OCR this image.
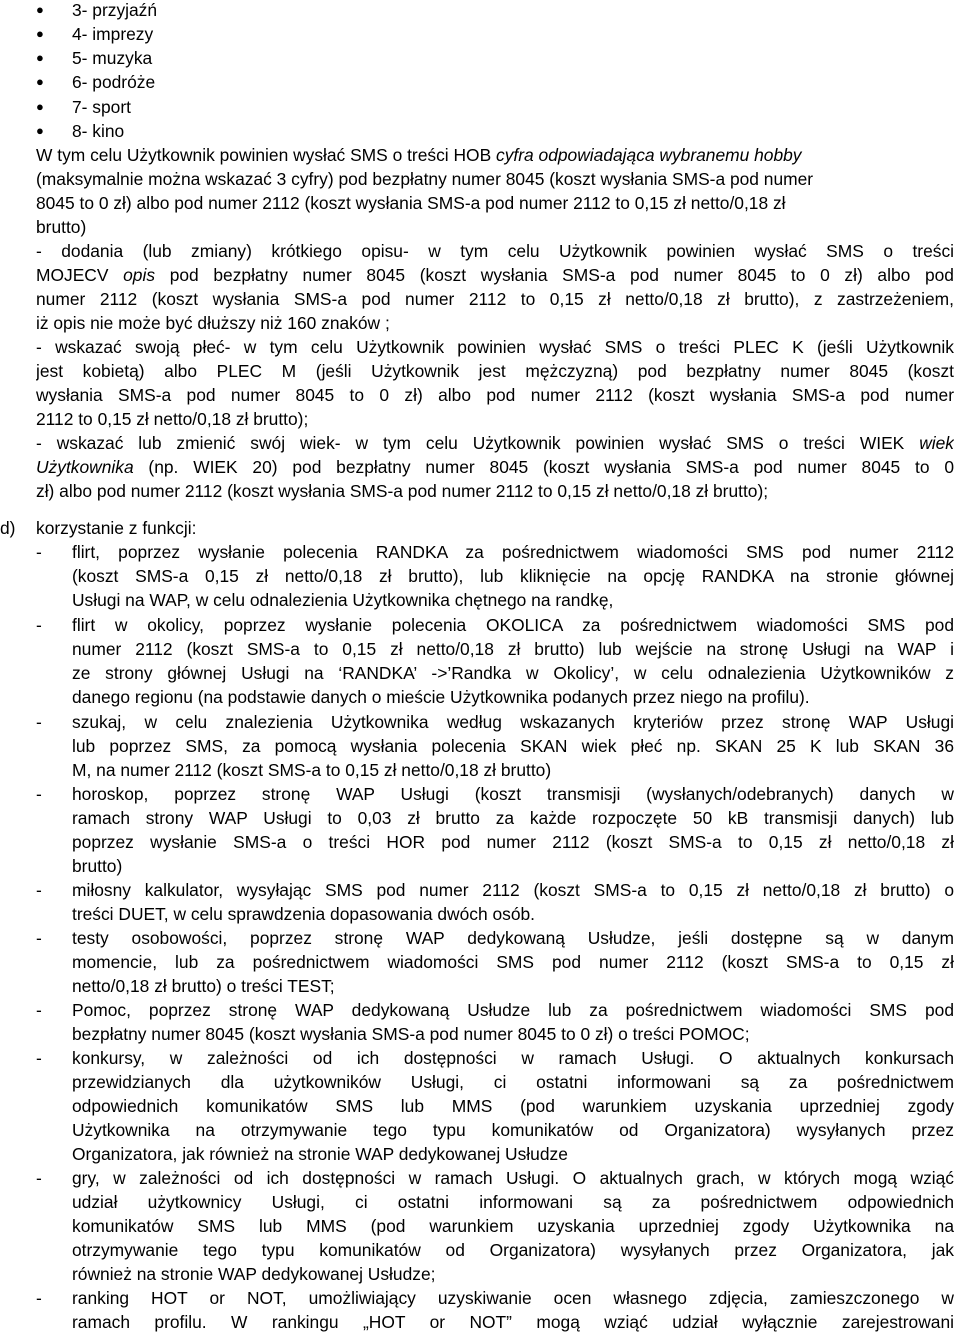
● 3- przyjaźń
● 4- imprezy
● 5- muzyka
● 6- podróże
● 7- sport
● 8- kino
W tym celu Użytkownik powinien wysłać SMS o treści HOB cyfra odpowiadająca wybranemu hobby
(maksymalnie można wskazać 3 cyfry) pod bezpłatny numer 8045 (koszt wysłania SMS-a pod numer
8045 to 0 zł) albo pod numer 2112 (koszt wysłania SMS-a pod numer 2112 to 0,15 zł netto/0,18 zł
brutto)
- dodania (lub zmiany) krótkiego opisu- w tym celu Użytkownik powinien wysłać SMS o treści
MOJECV opis pod bezpłatny numer 8045 (koszt wysłania SMS-a pod numer 8045 to 0 zł) albo pod
numer 2112 (koszt wysłania SMS-a pod numer 2112 to 0,15 zł netto/0,18 zł brutto), z zastrzeżeniem,
iż opis nie może być dłuższy niż 160 znaków ;
- wskazać swoją płeć- w tym celu Użytkownik powinien wysłać SMS o treści PLEC K (jeśli Użytkownik
jest kobietą) albo PLEC M (jeśli Użytkownik jest mężczyzną) pod bezpłatny numer 8045 (koszt
wysłania SMS-a pod numer 8045 to 0 zł) albo pod numer 2112 (koszt wysłania SMS-a pod numer
2112 to 0,15 zł netto/0,18 zł brutto);
- wskazać lub zmienić swój wiek- w tym celu Użytkownik powinien wysłać SMS o treści WIEK wiek
Użytkownika (np. WIEK 20) pod bezpłatny numer 8045 (koszt wysłania SMS-a pod numer 8045 to 0
zł) albo pod numer 2112 (koszt wysłania SMS-a pod numer 2112 to 0,15 zł netto/0,18 zł brutto);
d) korzystanie z funkcji:
- flirt, poprzez wysłanie polecenia RANDKA za pośrednictwem wiadomości SMS pod numer 2112
(koszt SMS-a 0,15 zł netto/0,18 zł brutto), lub kliknięcie na opcję RANDKA na stronie głównej
Usługi na WAP, w celu odnalezienia Użytkownika chętnego na randkę,
- flirt w okolicy, poprzez wysłanie polecenia OKOLICA za pośrednictwem wiadomości SMS pod
numer 2112 (koszt SMS-a to 0,15 zł netto/0,18 zł brutto) lub wejście na stronę Usługi na WAP i
ze strony głównej Usługi na ‘RANDKA’ ->’Randka w Okolicy’, w celu odnalezienia Użytkowników z
danego regionu (na podstawie danych o mieście Użytkownika podanych przez niego na profilu).
- szukaj, w celu znalezienia Użytkownika według wskazanych kryteriów przez stronę WAP Usługi
lub poprzez SMS, za pomocą wysłania polecenia SKAN wiek płeć np. SKAN 25 K lub SKAN 36
M, na numer 2112 (koszt SMS-a to 0,15 zł netto/0,18 zł brutto)
- horoskop, poprzez stronę WAP Usługi (koszt transmisji (wysłanych/odebranych) danych w
ramach strony WAP Usługi to 0,03 zł brutto za każde rozpoczęte 50 kB transmisji danych) lub
poprzez wysłanie SMS-a o treści HOR pod numer 2112 (koszt SMS-a to 0,15 zł netto/0,18 zł
brutto)
- miłosny kalkulator, wysyłając SMS pod numer 2112 (koszt SMS-a to 0,15 zł netto/0,18 zł brutto) o
treści DUET, w celu sprawdzenia dopasowania dwóch osób.
- testy osobowości, poprzez stronę WAP dedykowaną Usłudze, jeśli dostępne są w danym
momencie, lub za pośrednictwem wiadomości SMS pod numer 2112 (koszt SMS-a to 0,15 zł
netto/0,18 zł brutto) o treści TEST;
- Pomoc, poprzez stronę WAP dedykowaną Usłudze lub za pośrednictwem wiadomości SMS pod
bezpłatny numer 8045 (koszt wysłania SMS-a pod numer 8045 to 0 zł) o treści POMOC;
- konkursy, w zależności od ich dostępności w ramach Usługi. O aktualnych konkursach
przewidzianych dla użytkowników Usługi, ci ostatni informowani są za pośrednictwem
odpowiednich komunikatów SMS lub MMS (pod warunkiem uzyskania uprzedniej zgody
Użytkownika na otrzymywanie tego typu komunikatów od Organizatora) wysyłanych przez
Organizatora, jak również na stronie WAP dedykowanej Usłudze
- gry, w zależności od ich dostępności w ramach Usługi. O aktualnych grach, w których mogą wziąć
udział użytkownicy Usługi, ci ostatni informowani są za pośrednictwem odpowiednich
komunikatów SMS lub MMS (pod warunkiem uzyskania uprzedniej zgody Użytkownika na
otrzymywanie tego typu komunikatów od Organizatora) wysyłanych przez Organizatora, jak
również na stronie WAP dedykowanej Usłudze;
- ranking HOT or NOT, umożliwiający uzyskiwanie ocen własnego zdjęcia, zamieszczonego w
ramach profilu. W rankingu „HOT or NOT” mogą wziąć udział wyłącznie zarejestrowani
